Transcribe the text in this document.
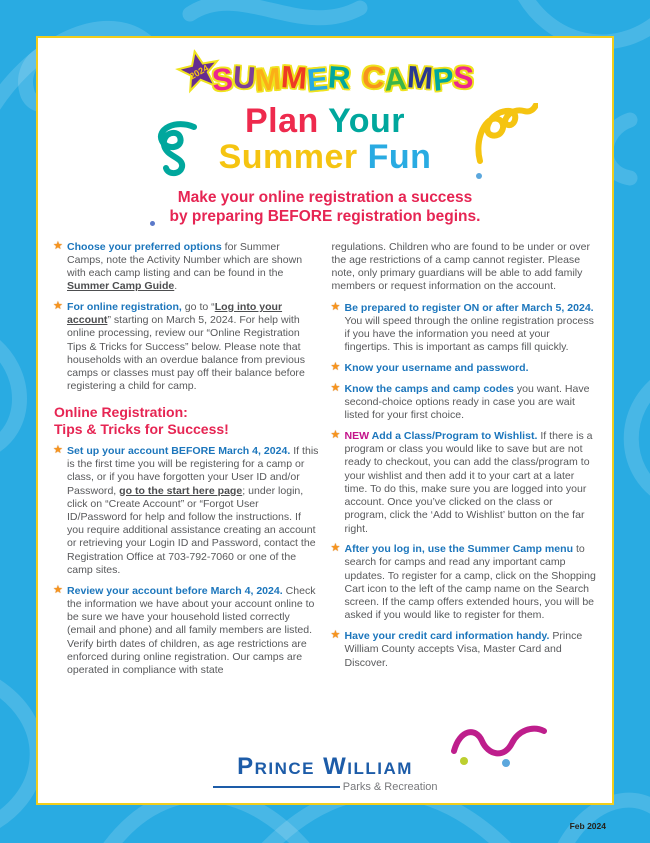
2024 SUMMER CAMPS
Plan Your
Summer Fun
Make your online registration a success
by preparing BEFORE registration begins.
★ Choose your preferred options for Summer Camps, note the Activity Number which are shown with each camp listing and can be found in the Summer Camp Guide.
★ For online registration, go to “Log into your account” starting on March 5, 2024. For help with online processing, review our “Online Registration Tips & Tricks for Success” below. Please note that households with an overdue balance from previous camps or classes must pay off their balance before registering a child for camp.
Online Registration:
Tips & Tricks for Success!
★ Set up your account BEFORE March 4, 2024. If this is the first time you will be registering for a camp or class, or if you have forgotten your User ID and/or Password, go to the start here page; under login, click on “Create Account” or “Forgot User ID/Password for help and follow the instructions. If you require additional assistance creating an account or retrieving your Login ID and Password, contact the Registration Office at 703-792-7060 or one of the camp sites.
★ Review your account before March 4, 2024. Check the information we have about your account online to be sure we have your household listed correctly (email and phone) and all family members are listed. Verify birth dates of children, as age restrictions are enforced during online registration. Our camps are operated in compliance with state
regulations. Children who are found to be under or over the age restrictions of a camp cannot register. Please note, only primary guardians will be able to add family members or request information on the account.
★ Be prepared to register ON or after March 5, 2024. You will speed through the online registration process if you have the information you need at your fingertips. This is important as camps fill quickly.
★ Know your username and password.
★ Know the camps and camp codes you want. Have second-choice options ready in case you are wait listed for your first choice.
★ NEW Add a Class/Program to Wishlist. If there is a program or class you would like to save but are not ready to checkout, you can add the class/program to your wishlist and then add it to your cart at a later time. To do this, make sure you are logged into your account. Once you’ve clicked on the class or program, click the ‘Add to Wishlist’ button on the far right.
★ After you log in, use the Summer Camp menu to search for camps and read any important camp updates. To register for a camp, click on the Shopping Cart icon to the left of the camp name on the Search screen. If the camp offers extended hours, you will be asked if you would like to register for them.
★ Have your credit card information handy. Prince William County accepts Visa, Master Card and Discover.
Prince William
Parks & Recreation
Feb 2024
